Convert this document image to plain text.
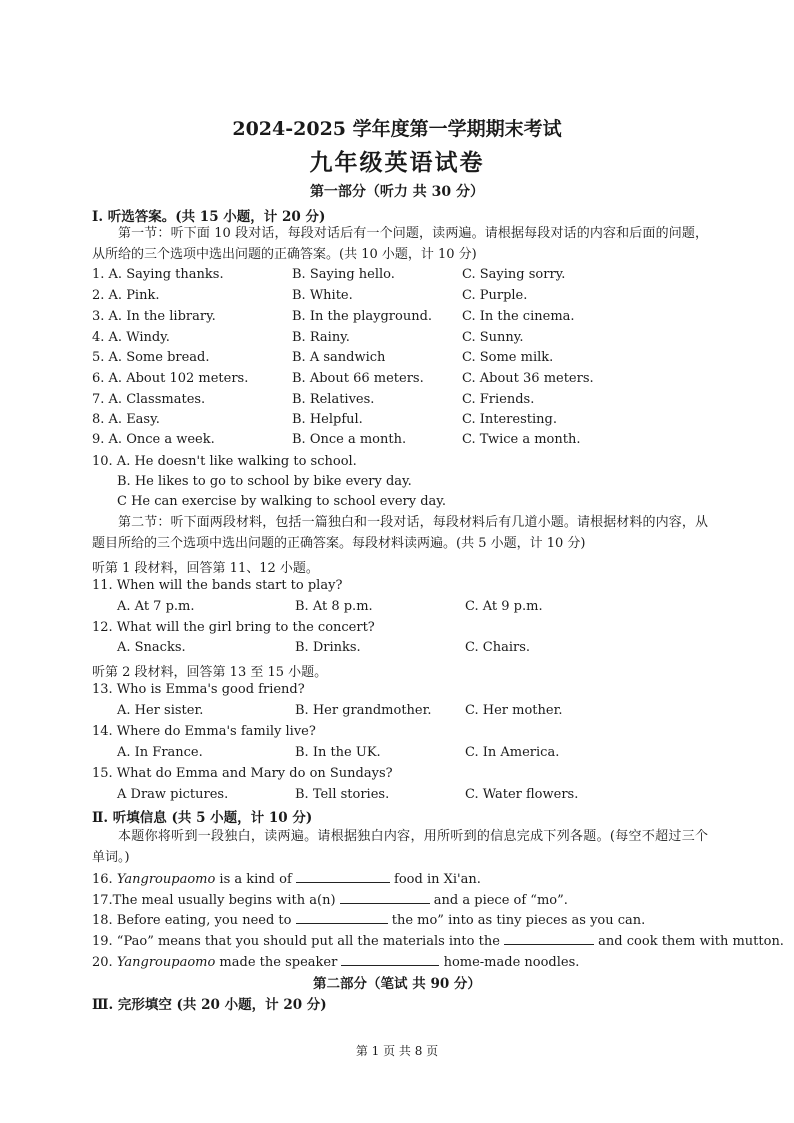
2024-2025 学年度第一学期期末考试
九年级英语试卷
第一部分（听力 共 30 分）
Ⅰ. 听选答案。(共 15 小题，计 20 分)
第一节：听下面 10 段对话，每段对话后有一个问题，读两遍。请根据每段对话的内容和后面的问题，从所给的三个选项中选出问题的正确答案。(共 10 小题，计 10 分)
1. A. Saying thanks.	B. Saying hello.	C. Saying sorry.
2. A. Pink.	B. White.	C. Purple.
3. A. In the library.	B. In the playground. C. In the cinema.
4. A. Windy.	B. Rainy.	C. Sunny.
5. A. Some bread.	B. A sandwich	C. Some milk.
6. A. About 102 meters.	B. About 66 meters.	C. About 36 meters.
7. A. Classmates.	B. Relatives.	C. Friends.
8. A. Easy.	B. Helpful.	C. Interesting.
9. A. Once a week.	B. Once a month.	C. Twice a month.
10. A. He doesn't like walking to school.
B. He likes to go to school by bike every day.
C He can exercise by walking to school every day.
第二节：听下面两段材料，包括一篇独白和一段对话，每段材料后有几道小题。请根据材料的内容，从题目所给的三个选项中选出问题的正确答案。每段材料读两遍。(共 5 小题，计 10 分)
听第 1 段材料，回答第 11、12 小题。
11. When will the bands start to play?
A. At 7 p.m.	B. At 8 p.m.	C. At 9 p.m.
12. What will the girl bring to the concert?
A. Snacks.	B. Drinks.	C. Chairs.
听第 2 段材料，回答第 13 至 15 小题。
13. Who is Emma's good friend?
A. Her sister.	B. Her grandmother.	C. Her mother.
14. Where do Emma's family live?
A. In France.	B. In the UK.	C. In America.
15. What do Emma and Mary do on Sundays?
A Draw pictures.	B. Tell stories.	C. Water flowers.
Ⅱ. 听填信息 (共 5 小题，计 10 分)
本题你将听到一段独白，读两遍。请根据独白内容，用所听到的信息完成下列各题。(每空不超过三个单词。)
16. Yangroupaomo is a kind of	food in Xi'an.
17.The meal usually begins with a(n)	and a piece of “mo”.
18. Before eating, you need to	the mo” into as tiny pieces as you can.
19. “Pao” means that you should put all the materials into the	and cook them with mutton.
20. Yangroupaomo made the speaker	home-made noodles.
第二部分（笔试 共 90 分）
Ⅲ. 完形填空 (共 20 小题，计 20 分)
第 1 页 共 8 页
